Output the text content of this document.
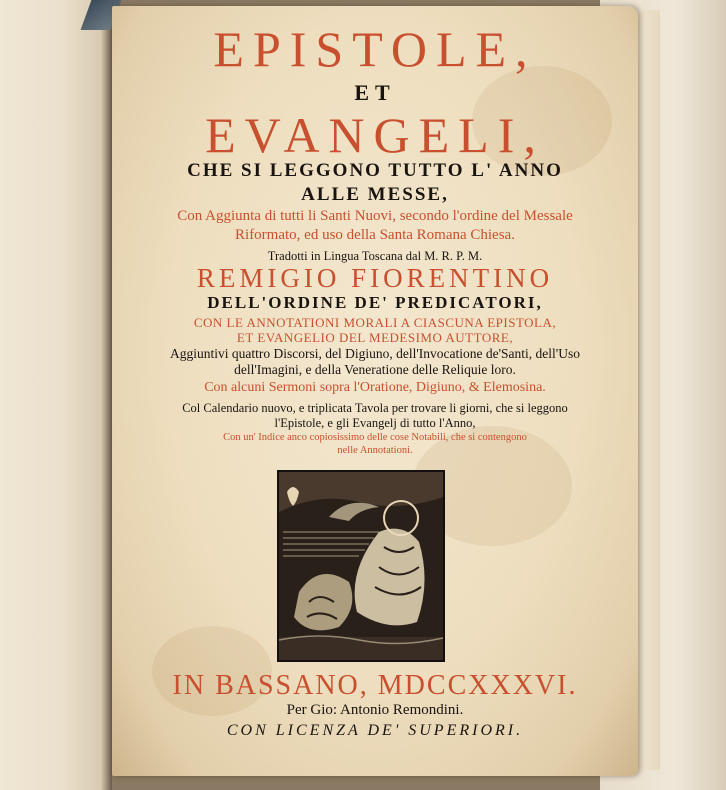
EPISTOLE,
ET
EVANGELI,
CHE SI LEGGONO TUTTO L' ANNO
ALLE MESSE,
Con Aggiunta di tutti li Santi Nuovi, secondo l'ordine del Messale
Riformato, ed uso della Santa Romana Chiesa.
Tradotti in Lingua Toscana dal M. R. P. M.
REMIGIO FIORENTINO
DELL'ORDINE DE' PREDICATORI,
CON LE ANNOTATIONI MORALI A CIASCUNA EPISTOLA,
ET EVANGELIO DEL MEDESIMO AUTTORE,
Aggiuntivi quattro Discorsi, del Digiuno, dell'Invocatione de'Santi, dell'Uso
dell'Imagini, e della Veneratione delle Reliquie loro.
Con alcuni Sermoni sopra l'Oratione, Digiuno, & Elemosina.
Col Calendario nuovo, e triplicata Tavola per trovare li giorni, che si leggono
l'Epistole, e gli Evangelj di tutto l'Anno,
Con un' Indice anco copiosissimo delle cose Notabili, che si contengono
nelle Annotationi.
IN BASSANO, MDCCXXXVI.
Per Gio: Antonio Remondini.
CON LICENZA DE' SUPERIORI.
